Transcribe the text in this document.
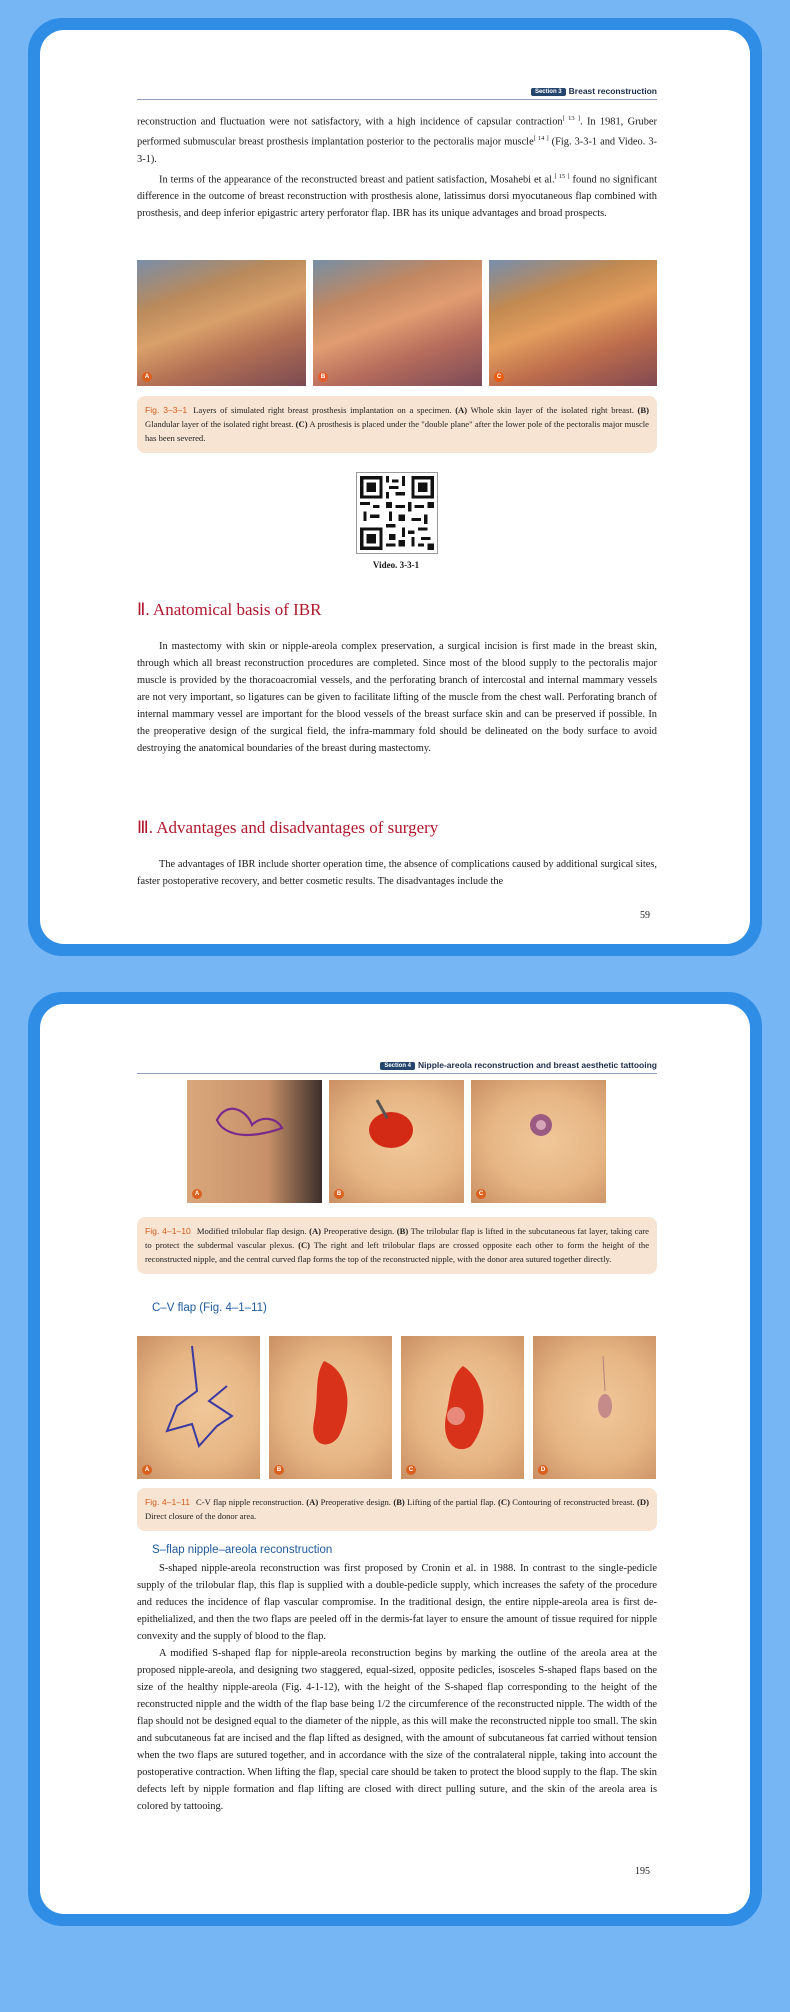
Section 3 Breast reconstruction

reconstruction and fluctuation were not satisfactory, with a high incidence of capsular contraction[ 13 ]. In 1981, Gruber performed submuscular breast prosthesis implantation posterior to the pectoralis major muscle[ 14 ] (Fig. 3-3-1 and Video. 3-3-1).

In terms of the appearance of the reconstructed breast and patient satisfaction, Mosahebi et al.[ 15 ] found no significant difference in the outcome of breast reconstruction with prosthesis alone, latissimus dorsi myocutaneous flap combined with prosthesis, and deep inferior epigastric artery perforator flap. IBR has its unique advantages and broad prospects.

A	B	C
Fig. 3–3–1 Layers of simulated right breast prosthesis implantation on a specimen. (A) Whole skin layer of the isolated right breast. (B) Glandular layer of the isolated right breast. (C) A prosthesis is placed under the "double plane" after the lower pole of the pectoralis major muscle has been severed.
Video. 3-3-1
Ⅱ. Anatomical basis of IBR

In mastectomy with skin or nipple-areola complex preservation, a surgical incision is first made in the breast skin, through which all breast reconstruction procedures are completed. Since most of the blood supply to the pectoralis major muscle is provided by the thoracoacromial vessels, and the perforating branch of intercostal and internal mammary vessels are not very important, so ligatures can be given to facilitate lifting of the muscle from the chest wall. Perforating branch of internal mammary vessel are important for the blood vessels of the breast surface skin and can be preserved if possible. In the preoperative design of the surgical field, the infra-mammary fold should be delineated on the body surface to avoid destroying the anatomical boundaries of the breast during mastectomy.

Ⅲ. Advantages and disadvantages of surgery

The advantages of IBR include shorter operation time, the absence of complications caused by additional surgical sites, faster postoperative recovery, and better cosmetic results. The disadvantages include the

59
Section 4 Nipple-areola reconstruction and breast aesthetic tattooing
A	B	C
Fig. 4–1–10 Modified trilobular flap design. (A) Preoperative design. (B) The trilobular flap is lifted in the subcutaneous fat layer, taking care to protect the subdermal vascular plexus. (C) The right and left trilobular flaps are crossed opposite each other to form the height of the reconstructed nipple, and the central curved flap forms the top of the reconstructed nipple, with the donor area sutured together directly.
C–V flap (Fig. 4–1–11)
A	B	C	D
Fig. 4–1–11 C-V flap nipple reconstruction. (A) Preoperative design. (B) Lifting of the partial flap. (C) Contouring of reconstructed breast. (D) Direct closure of the donor area.
S–flap nipple–areola reconstruction

S-shaped nipple-areola reconstruction was first proposed by Cronin et al. in 1988. In contrast to the single-pedicle supply of the trilobular flap, this flap is supplied with a double-pedicle supply, which increases the safety of the procedure and reduces the incidence of flap vascular compromise. In the traditional design, the entire nipple-areola area is first de-epithelialized, and then the two flaps are peeled off in the dermis-fat layer to ensure the amount of tissue required for nipple convexity and the supply of blood to the flap.

A modified S-shaped flap for nipple-areola reconstruction begins by marking the outline of the areola area at the proposed nipple-areola, and designing two staggered, equal-sized, opposite pedicles, isosceles S-shaped flaps based on the size of the healthy nipple-areola (Fig. 4-1-12), with the height of the S-shaped flap corresponding to the height of the reconstructed nipple and the width of the flap base being 1/2 the circumference of the reconstructed nipple. The width of the flap should not be designed equal to the diameter of the nipple, as this will make the reconstructed nipple too small. The skin and subcutaneous fat are incised and the flap lifted as designed, with the amount of subcutaneous fat carried without tension when the two flaps are sutured together, and in accordance with the size of the contralateral nipple, taking into account the postoperative contraction. When lifting the flap, special care should be taken to protect the blood supply to the flap. The skin defects left by nipple formation and flap lifting are closed with direct pulling suture, and the skin of the areola area is colored by tattooing.

195
